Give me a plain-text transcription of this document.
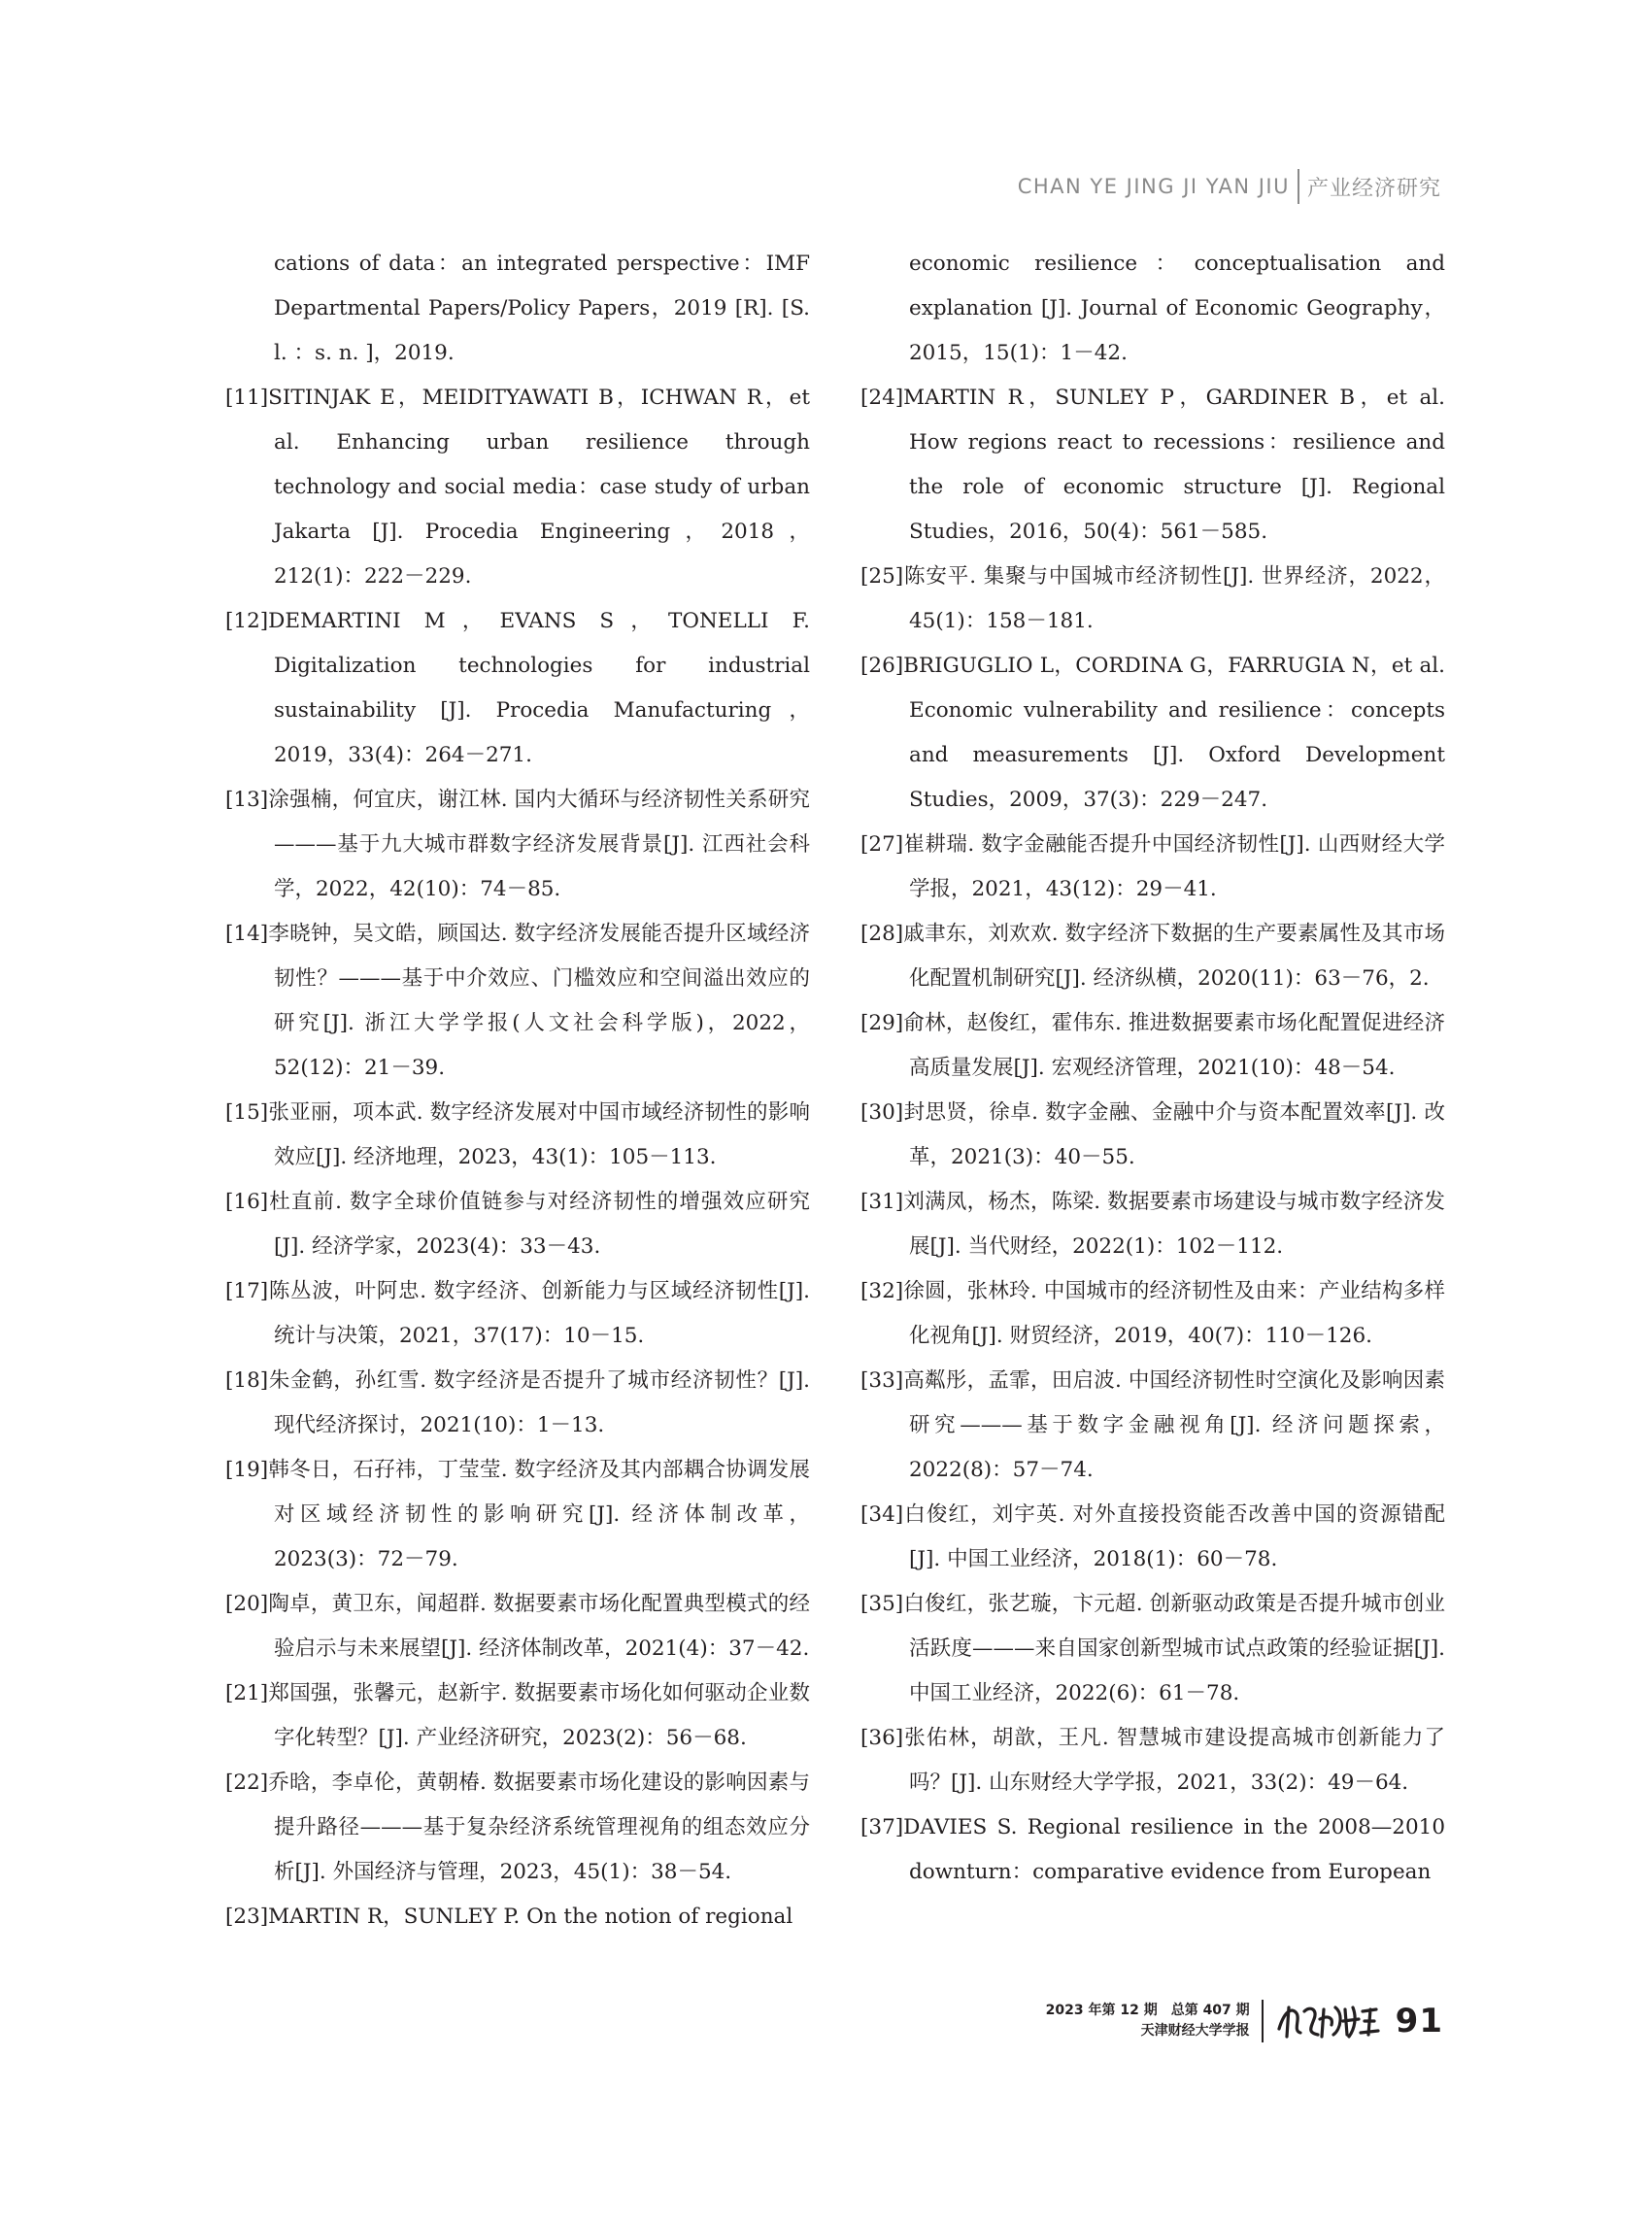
CHAN YE JING JI YAN JIU 产业经济研究
cations of data：an integrated perspective：IMF Departmental Papers/Policy Papers，2019 [R]. [S. l. ：s. n. ]，2019.
[11]SITINJAK E，MEIDITYAWATI B，ICHWAN R，et al. Enhancing urban resilience through technology and social media：case study of urban Jakarta [J]. Procedia Engineering，2018，212(1)：222－229.
[12]DEMARTINI M，EVANS S，TONELLI F. Digitalization technologies for industrial sustainability [J]. Procedia Manufacturing，2019，33(4)：264－271.
[13]涂强楠，何宜庆，谢江林. 国内大循环与经济韧性关系研究———基于九大城市群数字经济发展背景[J]. 江西社会科学，2022，42(10)：74－85.
[14]李晓钟，吴文皓，顾国达. 数字经济发展能否提升区域经济韧性？———基于中介效应、门槛效应和空间溢出效应的研究[J]. 浙江大学学报(人文社会科学版)，2022，52(12)：21－39.
[15]张亚丽，项本武. 数字经济发展对中国市域经济韧性的影响效应[J]. 经济地理，2023，43(1)：105－113.
[16]杜直前. 数字全球价值链参与对经济韧性的增强效应研究[J]. 经济学家，2023(4)：33－43.
[17]陈丛波，叶阿忠. 数字经济、创新能力与区域经济韧性[J]. 统计与决策，2021，37(17)：10－15.
[18]朱金鹤，孙红雪. 数字经济是否提升了城市经济韧性？[J]. 现代经济探讨，2021(10)：1－13.
[19]韩冬日，石孖祎，丁莹莹. 数字经济及其内部耦合协调发展对区域经济韧性的影响研究[J]. 经济体制改革，2023(3)：72－79.
[20]陶卓，黄卫东，闻超群. 数据要素市场化配置典型模式的经验启示与未来展望[J]. 经济体制改革，2021(4)：37－42.
[21]郑国强，张馨元，赵新宇. 数据要素市场化如何驱动企业数字化转型？[J]. 产业经济研究，2023(2)：56－68.
[22]乔晗，李卓伦，黄朝椿. 数据要素市场化建设的影响因素与提升路径———基于复杂经济系统管理视角的组态效应分析[J]. 外国经济与管理，2023，45(1)：38－54.
[23]MARTIN R，SUNLEY P. On the notion of regional
economic resilience：conceptualisation and explanation [J]. Journal of Economic Geography，2015，15(1)：1－42.
[24]MARTIN R，SUNLEY P，GARDINER B，et al. How regions react to recessions：resilience and the role of economic structure [J]. Regional Studies，2016，50(4)：561－585.
[25]陈安平. 集聚与中国城市经济韧性[J]. 世界经济，2022，45(1)：158－181.
[26]BRIGUGLIO L，CORDINA G，FARRUGIA N，et al. Economic vulnerability and resilience：concepts and measurements [J]. Oxford Development Studies，2009，37(3)：229－247.
[27]崔耕瑞. 数字金融能否提升中国经济韧性[J]. 山西财经大学学报，2021，43(12)：29－41.
[28]戚聿东，刘欢欢. 数字经济下数据的生产要素属性及其市场化配置机制研究[J]. 经济纵横，2020(11)：63－76，2.
[29]俞林，赵俊红，霍伟东. 推进数据要素市场化配置促进经济高质量发展[J]. 宏观经济管理，2021(10)：48－54.
[30]封思贤，徐卓. 数字金融、金融中介与资本配置效率[J]. 改革，2021(3)：40－55.
[31]刘满凤，杨杰，陈梁. 数据要素市场建设与城市数字经济发展[J]. 当代财经，2022(1)：102－112.
[32]徐圆，张林玲. 中国城市的经济韧性及由来：产业结构多样化视角[J]. 财贸经济，2019，40(7)：110－126.
[33]高粼彤，孟霏，田启波. 中国经济韧性时空演化及影响因素研究———基于数字金融视角[J]. 经济问题探索，2022(8)：57－74.
[34]白俊红，刘宇英. 对外直接投资能否改善中国的资源错配[J]. 中国工业经济，2018(1)：60－78.
[35]白俊红，张艺璇，卞元超. 创新驱动政策是否提升城市创业活跃度———来自国家创新型城市试点政策的经验证据[J]. 中国工业经济，2022(6)：61－78.
[36]张佑林，胡歆，王凡. 智慧城市建设提高城市创新能力了吗？[J]. 山东财经大学学报，2021，33(2)：49－64.
[37]DAVIES S. Regional resilience in the 2008—2010 downturn：comparative evidence from European
2023 年第 12 期　总第 407 期
天津财经大学学报	91
